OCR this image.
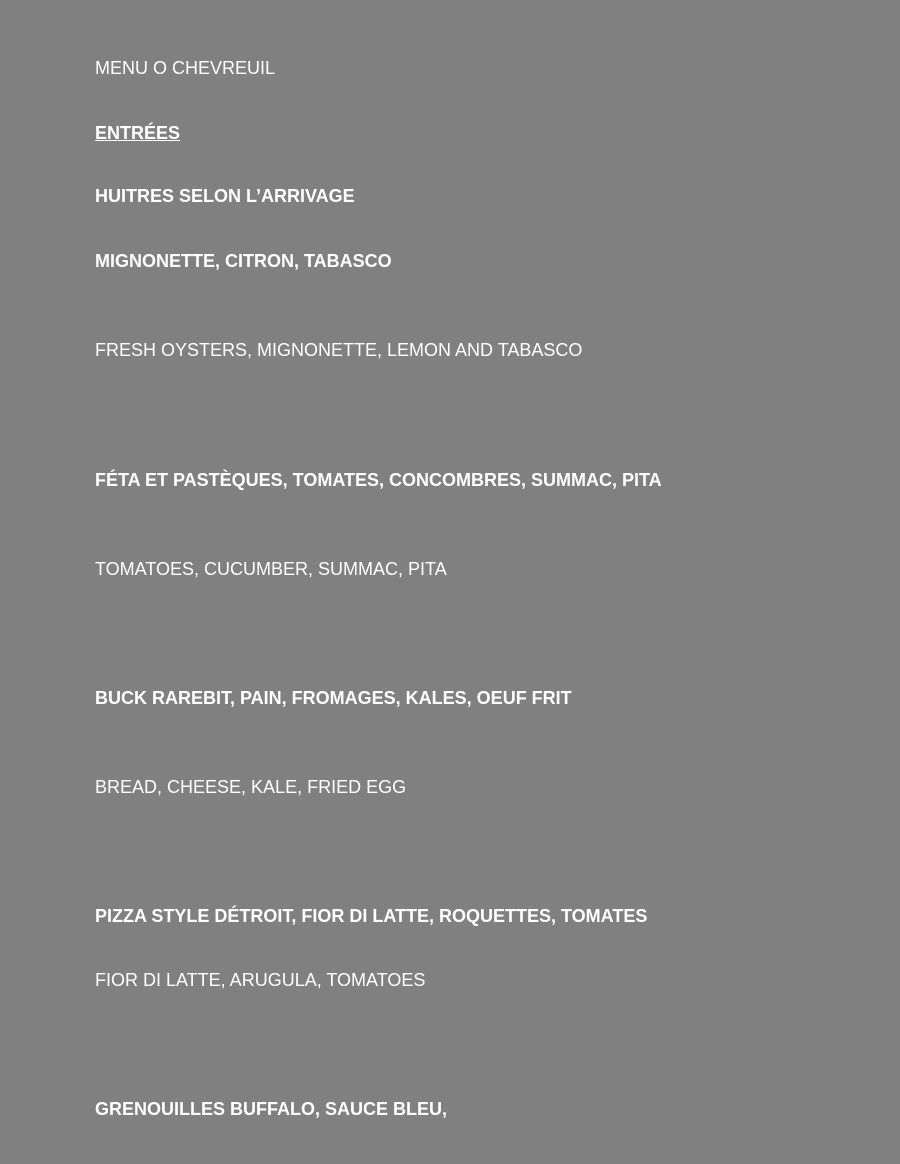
MENU O CHEVREUIL
ENTRÉES
HUITRES SELON L’ARRIVAGE
MIGNONETTE, CITRON, TABASCO
FRESH OYSTERS, MIGNONETTE, LEMON AND TABASCO
FÉTA ET PASTÈQUES, TOMATES, CONCOMBRES, SUMMAC, PITA
TOMATOES, CUCUMBER, SUMMAC, PITA
BUCK RAREBIT, PAIN, FROMAGES, KALES, OEUF FRIT
BREAD, CHEESE, KALE, FRIED EGG
PIZZA STYLE DÉTROIT, FIOR DI LATTE, ROQUETTES, TOMATES
FIOR DI LATTE, ARUGULA, TOMATOES
GRENOUILLES BUFFALO, SAUCE BLEU,
